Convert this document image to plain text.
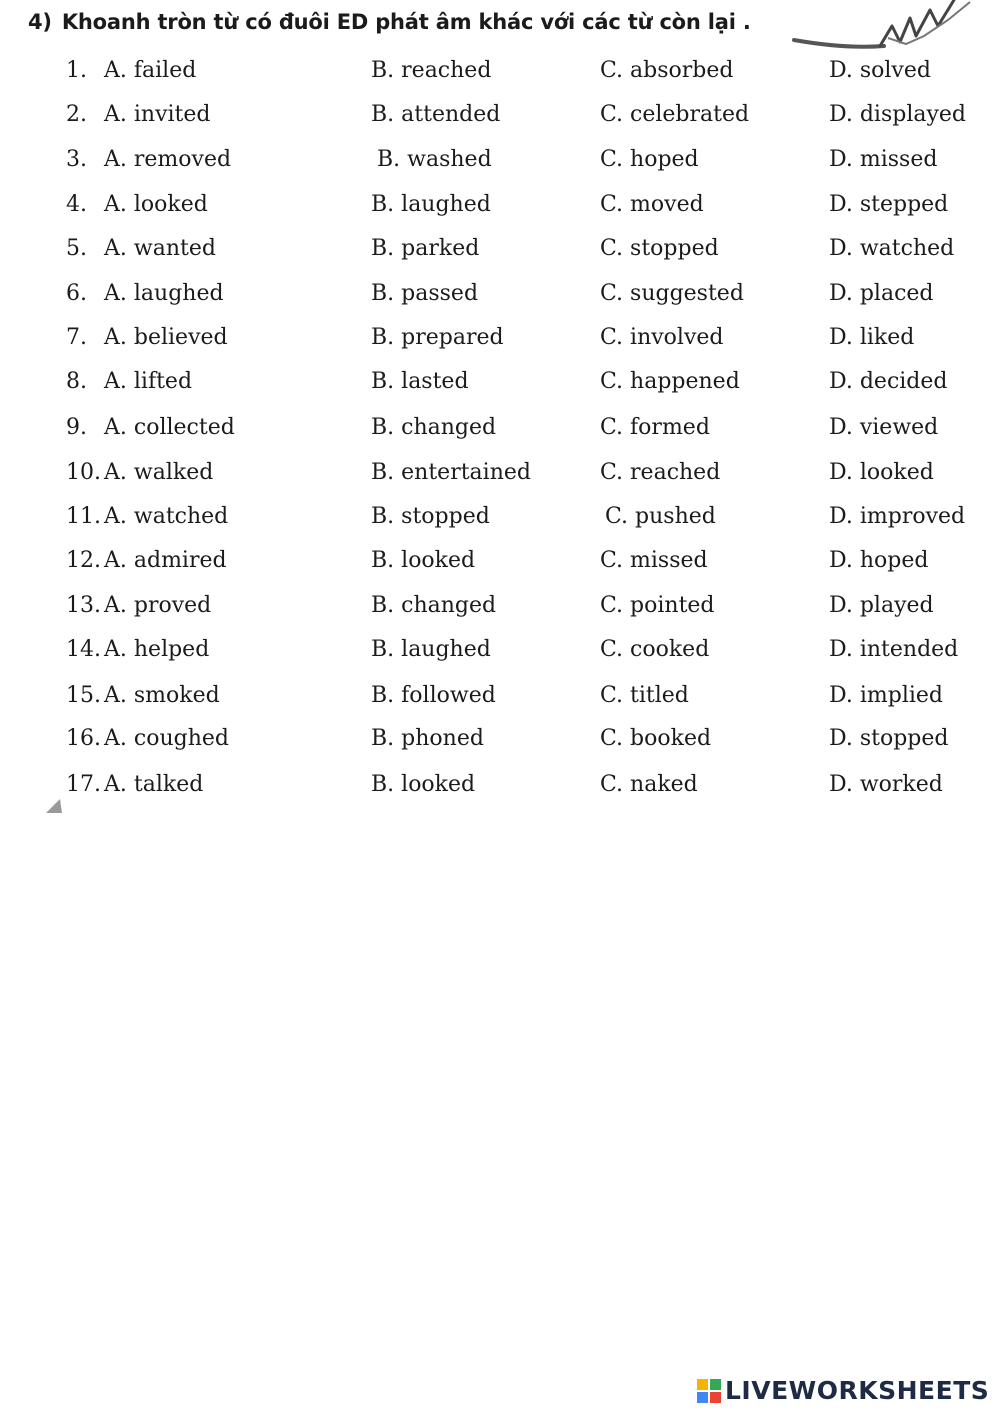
4) Khoanh tròn từ có đuôi ED phát âm khác với các từ còn lại .
1. A. failed	B. reached	C. absorbed	D. solved
2. A. invited	B. attended	C. celebrated	D. displayed
3. A. removed	B. washed	C. hoped	D. missed
4. A. looked	B. laughed	C. moved	D. stepped
5. A. wanted	B. parked	C. stopped	D. watched
6. A. laughed	B. passed	C. suggested	D. placed
7. A. believed	B. prepared	C. involved	D. liked
8. A. lifted	B. lasted	C. happened	D. decided
9. A. collected	B. changed	C. formed	D. viewed
10. A. walked	B. entertained	C. reached	D. looked
11. A. watched	B. stopped	C. pushed	D. improved
12. A. admired	B. looked	C. missed	D. hoped
13. A. proved	B. changed	C. pointed	D. played
14. A. helped	B. laughed	C. cooked	D. intended
15. A. smoked	B. followed	C. titled	D. implied
16. A. coughed	B. phoned	C. booked	D. stopped
17. A. talked	B. looked	C. naked	D. worked
LIVEWORKSHEETS
